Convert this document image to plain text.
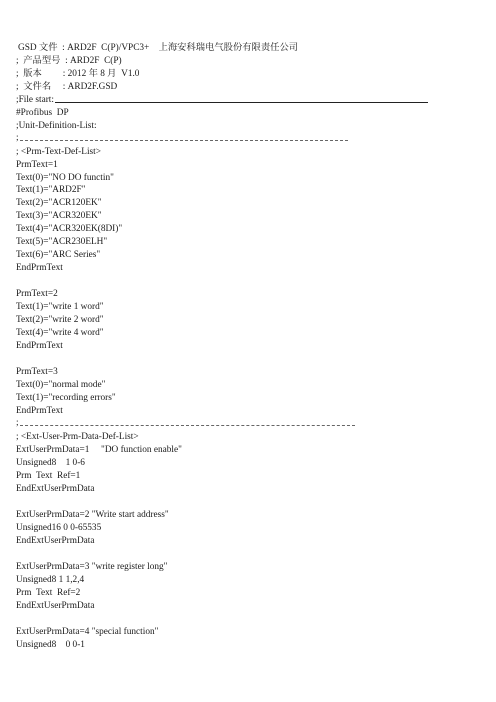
GSD 文件  : ARD2F  C(P)/VPC3+    上海安科瑞电气股份有限责任公司
;  产品型号  : ARD2F  C(P)
;  版本         : 2012 年 8 月  V1.0
;  文件名     : ARD2F.GSD
;File start:
#Profibus  DP
;Unit-Definition-List:
;
; <Prm-Text-Def-List>
PrmText=1
Text(0)="NO DO functin"
Text(1)="ARD2F"
Text(2)="ACR120EK"
Text(3)="ACR320EK"
Text(4)="ACR320EK(8DI)"
Text(5)="ACR230ELH"
Text(6)="ARC Series"
EndPrmText
PrmText=2
Text(1)="write 1 word"
Text(2)="write 2 word"
Text(4)="write 4 word"
EndPrmText
PrmText=3
Text(0)="normal mode"
Text(1)="recording errors"
EndPrmText
;
; <Ext-User-Prm-Data-Def-List>
ExtUserPrmData=1     "DO function enable"
Unsigned8    1 0-6
Prm  Text  Ref=1
EndExtUserPrmData
ExtUserPrmData=2 "Write start address"
Unsigned16 0 0-65535
EndExtUserPrmData
ExtUserPrmData=3 "write register long"
Unsigned8 1 1,2,4
Prm  Text  Ref=2
EndExtUserPrmData
ExtUserPrmData=4 "special function"
Unsigned8    0 0-1
